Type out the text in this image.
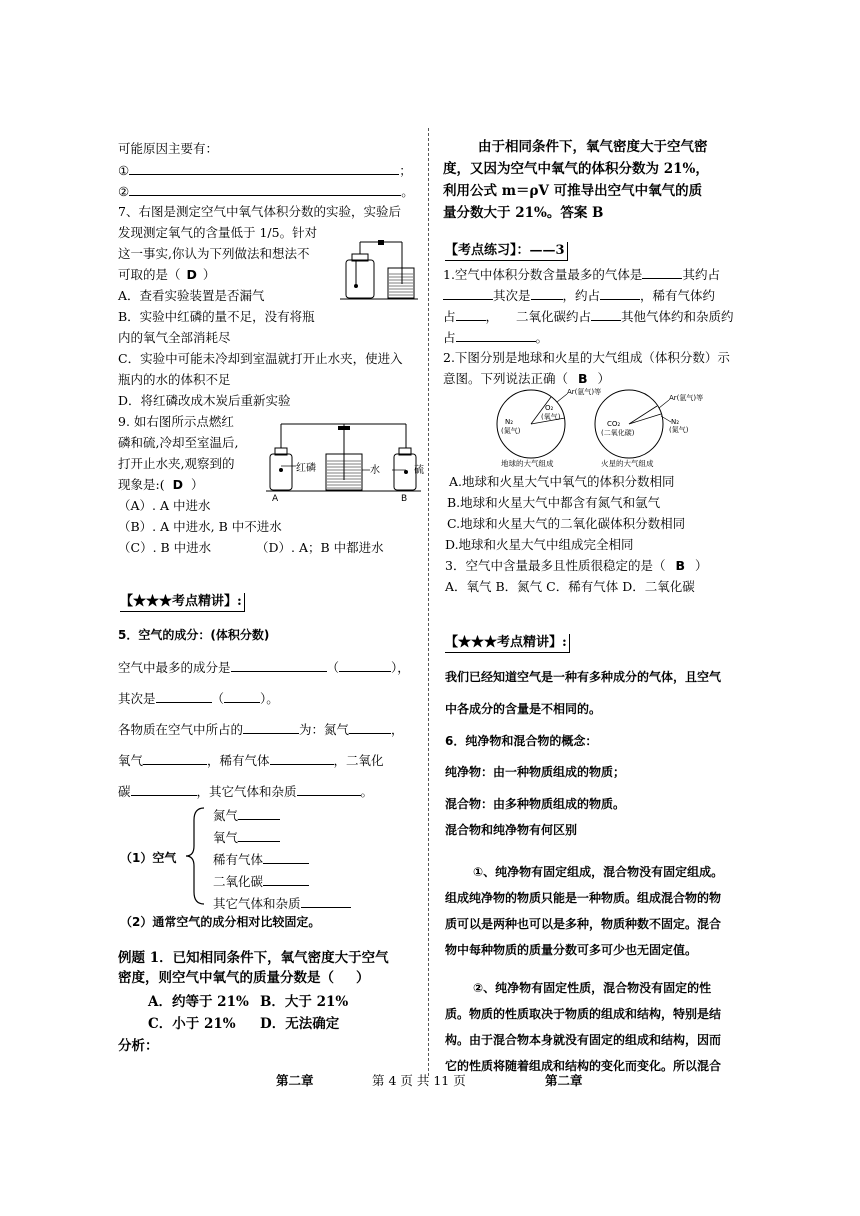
可能原因主要有：
①	；
②	。
7、右图是测定空气中氧气体积分数的实验，实验后
发现测定氧气的含量低于 1/5。针对
这一事实,你认为下列做法和想法不
可取的是（ D ）
A．查看实验装置是否漏气
B．实验中红磷的量不足，没有将瓶
内的氧气全部消耗尽
C．实验中可能未冷却到室温就打开止水夹，使进入
瓶内的水的体积不足
D．将红磷改成木炭后重新实验
9. 如右图所示点燃红
磷和硫,冷却至室温后,
打开止水夹,观察到的
现象是:( D ）
红磷	水	硫
A	B
（A）. A 中进水
（B）. A 中进水, B 中不进水
（C）. B 中进水	（D）. A；B 中都进水
【★★★考点精讲】:
5．空气的成分：(体积分数)
空气中最多的成分是	（	），
其次是	（	）。
各物质在空气中所占的	为：氮气	，
氧气	，稀有气体	，二氧化
碳	，其它气体和杂质	。
（1）空气
氮气
氧气
稀有气体
二氧化碳
其它气体和杂质
（2）通常空气的成分相对比较固定。
例题 1．已知相同条件下，氧气密度大于空气
密度，则空气中氧气的质量分数是（ ）
A．约等于 21% B．大于 21%
C．小于 21% D．无法确定
分析：
由于相同条件下，氧气密度大于空气密
度，又因为空气中氧气的体积分数为 21%，
利用公式 m＝ρV 可推导出空气中氧气的质
量分数大于 21%。答案 B
【考点练习】：——3
1.空气中体积分数含量最多的气体是	其约占
其次是	，约占	，稀有气体约
占 ， 二氧化碳约占 其他气体约和杂质约
占	。
2.下图分别是地球和火星的大气组成（体积分数）示
意图。下列说法正确（ B ）
N₂
(氮气)
O₂
(氧气)
Ar(氩气)等
地球的大气组成
CO₂
(二氧化碳)
Ar(氩气)等
N₂
(氮气)
火星的大气组成
A.地球和火星大气中氧气的体积分数相同
B.地球和火星大气中都含有氮气和氩气
C.地球和火星大气的二氧化碳体积分数相同
D.地球和火星大气中组成完全相同
3．空气中含量最多且性质很稳定的是（ B ）
A．氧气 B．氮气 C．稀有气体 D．二氧化碳
【★★★考点精讲】:
我们已经知道空气是一种有多种成分的气体，且空气
中各成分的含量是不相同的。
6．纯净物和混合物的概念：
纯净物：由一种物质组成的物质；
混合物：由多种物质组成的物质。
混合物和纯净物有何区别
①、纯净物有固定组成，混合物没有固定组成。
组成纯净物的物质只能是一种物质。组成混合物的物
质可以是两种也可以是多种，物质种数不固定。混合
物中每种物质的质量分数可多可少也无固定值。
②、纯净物有固定性质，混合物没有固定的性
质。物质的性质取决于物质的组成和结构，特别是结
构。由于混合物本身就没有固定的组成和结构，因而
它的性质将随着组成和结构的变化而变化。所以混合
第二章	第 4 页 共 11 页	第二章
